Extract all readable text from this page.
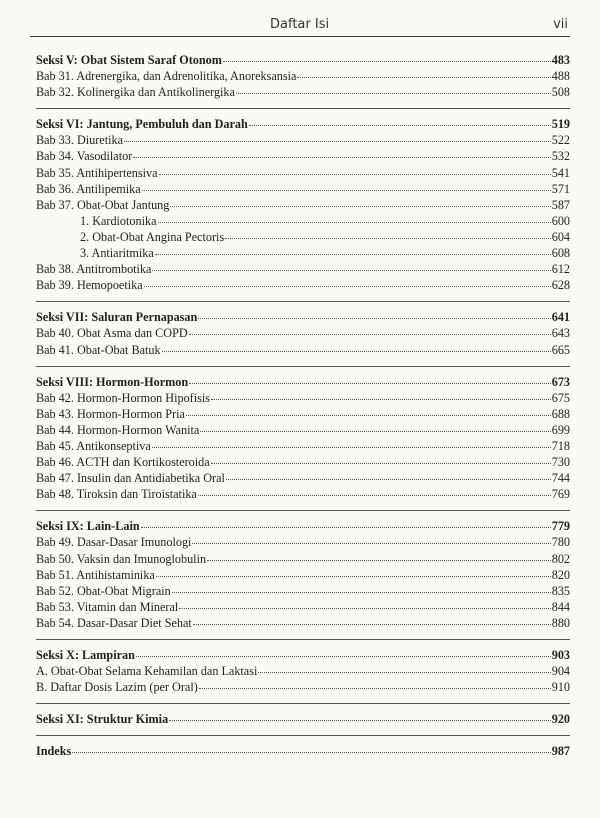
Daftar Isi	vii
Seksi V: Obat Sistem Saraf Otonom	483
Bab 31. Adrenergika, dan Adrenolitika, Anoreksansia	488
Bab 32. Kolinergika dan Antikolinergika	508
Seksi VI: Jantung, Pembuluh dan Darah	519
Bab 33. Diuretika	522
Bab 34. Vasodilator	532
Bab 35. Antihipertensiva	541
Bab 36. Antilipemika	571
Bab 37. Obat-Obat Jantung	587
1. Kardiotonika	600
2. Obat-Obat Angina Pectoris	604
3. Antiaritmika	608
Bab 38. Antitrombotika	612
Bab 39. Hemopoetika	628
Seksi VII: Saluran Pernapasan	641
Bab 40. Obat Asma dan COPD	643
Bab 41. Obat-Obat Batuk	665
Seksi VIII: Hormon-Hormon	673
Bab 42. Hormon-Hormon Hipofisis	675
Bab 43. Hormon-Hormon Pria	688
Bab 44. Hormon-Hormon Wanita	699
Bab 45. Antikonseptiva	718
Bab 46. ACTH dan Kortikosteroida	730
Bab 47. Insulin dan Antidiabetika Oral	744
Bab 48. Tiroksin dan Tiroistatika	769
Seksi IX: Lain-Lain	779
Bab 49. Dasar-Dasar Imunologi	780
Bab 50. Vaksin dan Imunoglobulin	802
Bab 51. Antihistaminika	820
Bab 52. Obat-Obat Migrain	835
Bab 53. Vitamin dan Mineral	844
Bab 54. Dasar-Dasar Diet Sehat	880
Seksi X: Lampiran	903
A. Obat-Obat Selama Kehamilan dan Laktasi	904
B. Daftar Dosis Lazim (per Oral)	910
Seksi XI: Struktur Kimia	920
Indeks	987
